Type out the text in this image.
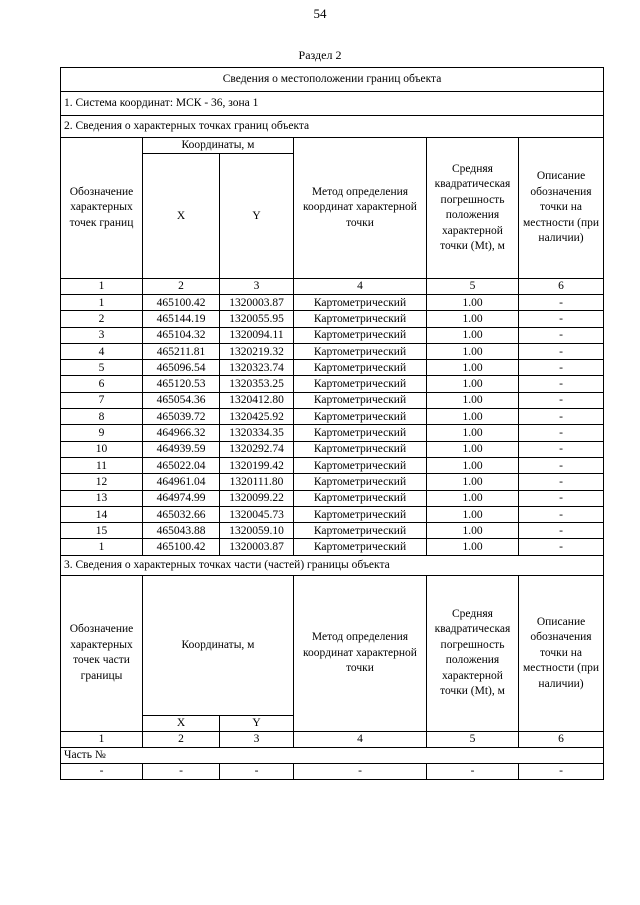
54
Раздел 2
Сведения о местоположении границ объекта					
1. Система координат: МСК - 36, зона 1					
2. Сведения о характерных точках границ объекта					
Обозначение характерных точек границ	Координаты, м		Метод определения координат характерной точки	Средняя квадратическая погрешность положения характерной точки (Mt), м	Описание обозначения точки на местности (при наличии)
	X	Y			
1	2	3	4	5	6
1	465100.42	1320003.87	Картометрический	1.00	-
2	465144.19	1320055.95	Картометрический	1.00	-
3	465104.32	1320094.11	Картометрический	1.00	-
4	465211.81	1320219.32	Картометрический	1.00	-
5	465096.54	1320323.74	Картометрический	1.00	-
6	465120.53	1320353.25	Картометрический	1.00	-
7	465054.36	1320412.80	Картометрический	1.00	-
8	465039.72	1320425.92	Картометрический	1.00	-
9	464966.32	1320334.35	Картометрический	1.00	-
10	464939.59	1320292.74	Картометрический	1.00	-
11	465022.04	1320199.42	Картометрический	1.00	-
12	464961.04	1320111.80	Картометрический	1.00	-
13	464974.99	1320099.22	Картометрический	1.00	-
14	465032.66	1320045.73	Картометрический	1.00	-
15	465043.88	1320059.10	Картометрический	1.00	-
1	465100.42	1320003.87	Картометрический	1.00	-
3. Сведения о характерных точках части (частей) границы объекта					
Обозначение характерных точек части границы	Координаты, м		Метод определения координат характерной точки	Средняя квадратическая погрешность положения характерной точки (Mt), м	Описание обозначения точки на местности (при наличии)
	X	Y			
1	2	3	4	5	6
Часть №					
-	-	-	-	-	-
